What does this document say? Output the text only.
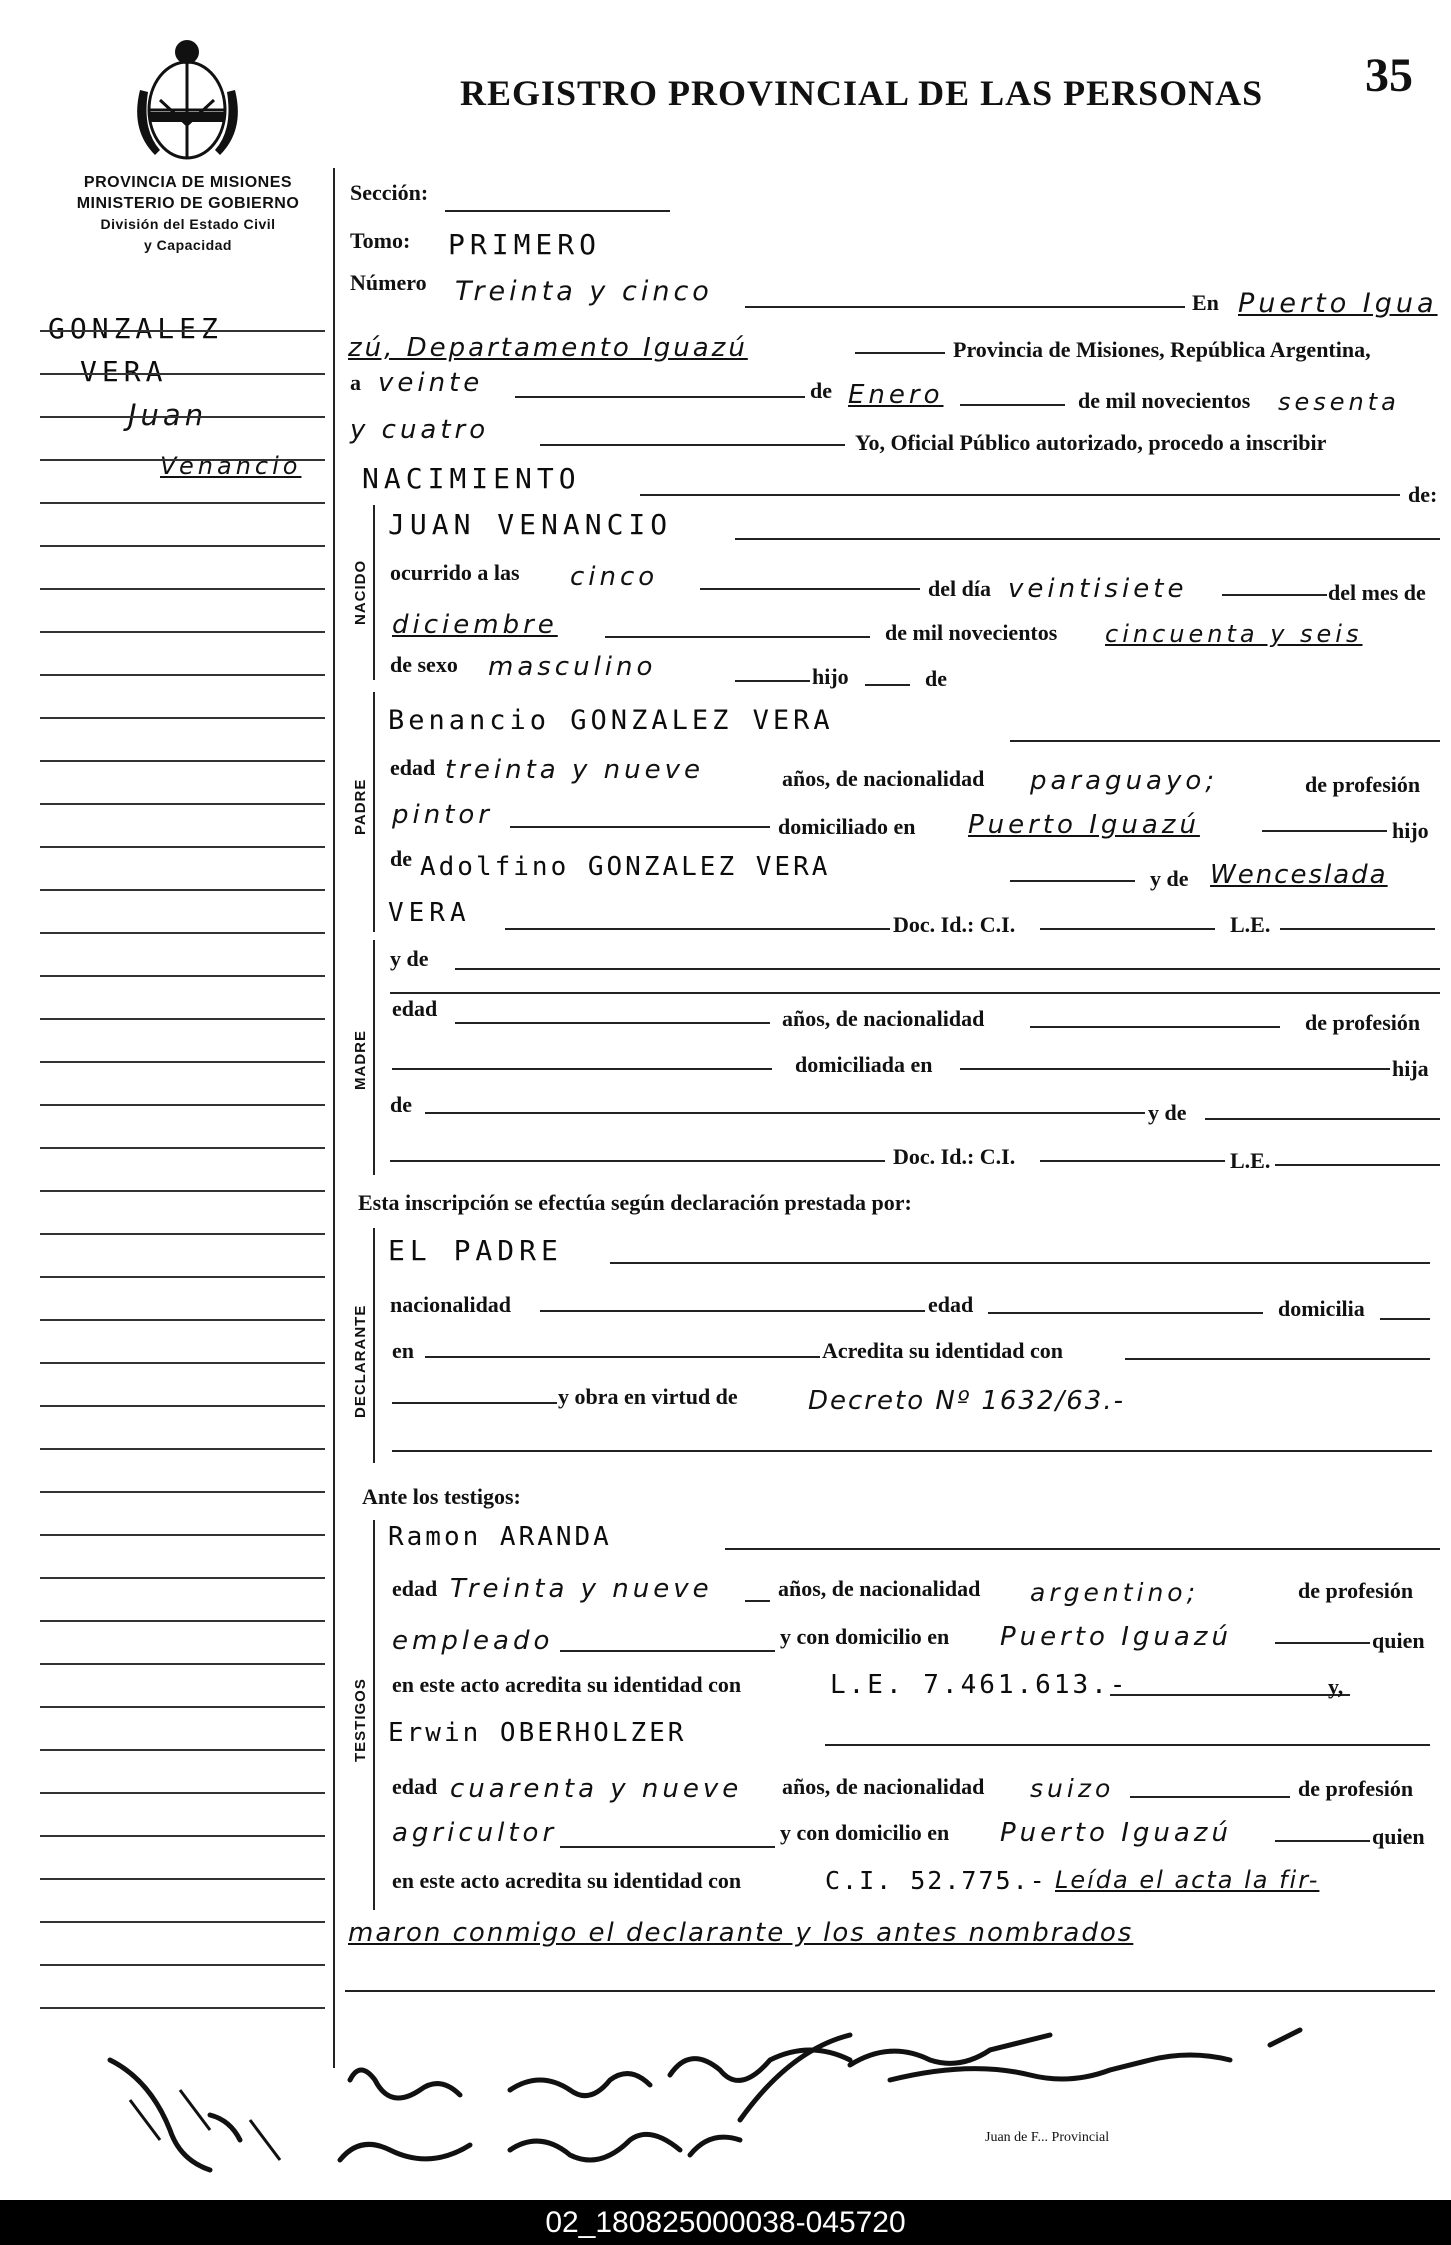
REGISTRO PROVINCIAL DE LAS PERSONAS 35
PROVINCIA DE MISIONES
MINISTERIO DE GOBIERNO
División del Estado Civil
y Capacidad
GONZALEZ
VERA
Juan
Venancio
Sección:
Tomo: PRIMERO
Número Treinta y cinco	En Puerto Igua
zú, Departamento Iguazú	Provincia de Misiones, República Argentina,
a veinte	de Enero	de mil novecientos sesenta
y cuatro	Yo, Oficial Público autorizado, procedo a inscribir
NACIMIENTO	de:
NACIDO
JUAN VENANCIO
ocurrido a las cinco	del día veintisiete	del mes de
diciembre	de mil novecientos cincuenta y seis
de sexo masculino	hijo	de
PADRE
Benancio GONZALEZ VERA
edad treinta y nueve	años, de nacionalidad paraguayo;	de profesión
pintor	domiciliado en Puerto Iguazú	hijo
de Adolfino GONZALEZ VERA	y de Wenceslada
VERA	Doc. Id.: C.I.	L.E.
MADRE
y de
edad	años, de nacionalidad	de profesión
domiciliada en	hija
de	y de
Doc. Id.: C.I.	L.E.
Esta inscripción se efectúa según declaración prestada por:
DECLARANTE
EL PADRE
nacionalidad	edad	domicilia
en	Acredita su identidad con
y obra en virtud de	Decreto Nº 1632/63.-
Ante los testigos:
TESTIGOS
Ramon ARANDA
edad Treinta y nueve	años, de nacionalidad argentino;	de profesión
empleado	y con domicilio en Puerto Iguazú	quien
en este acto acredita su identidad con	L.E. 7.461.613.-	y,
Erwin OBERHOLZER
edad cuarenta y nueve años, de nacionalidad suizo	de profesión
agricultor	y con domicilio en Puerto Iguazú	quien
en este acto acredita su identidad con	C.I. 52.775.- Leída el acta la fir-
maron conmigo el declarante y los antes nombrados
Juan de F... Provincial
02_180825000038-045720
